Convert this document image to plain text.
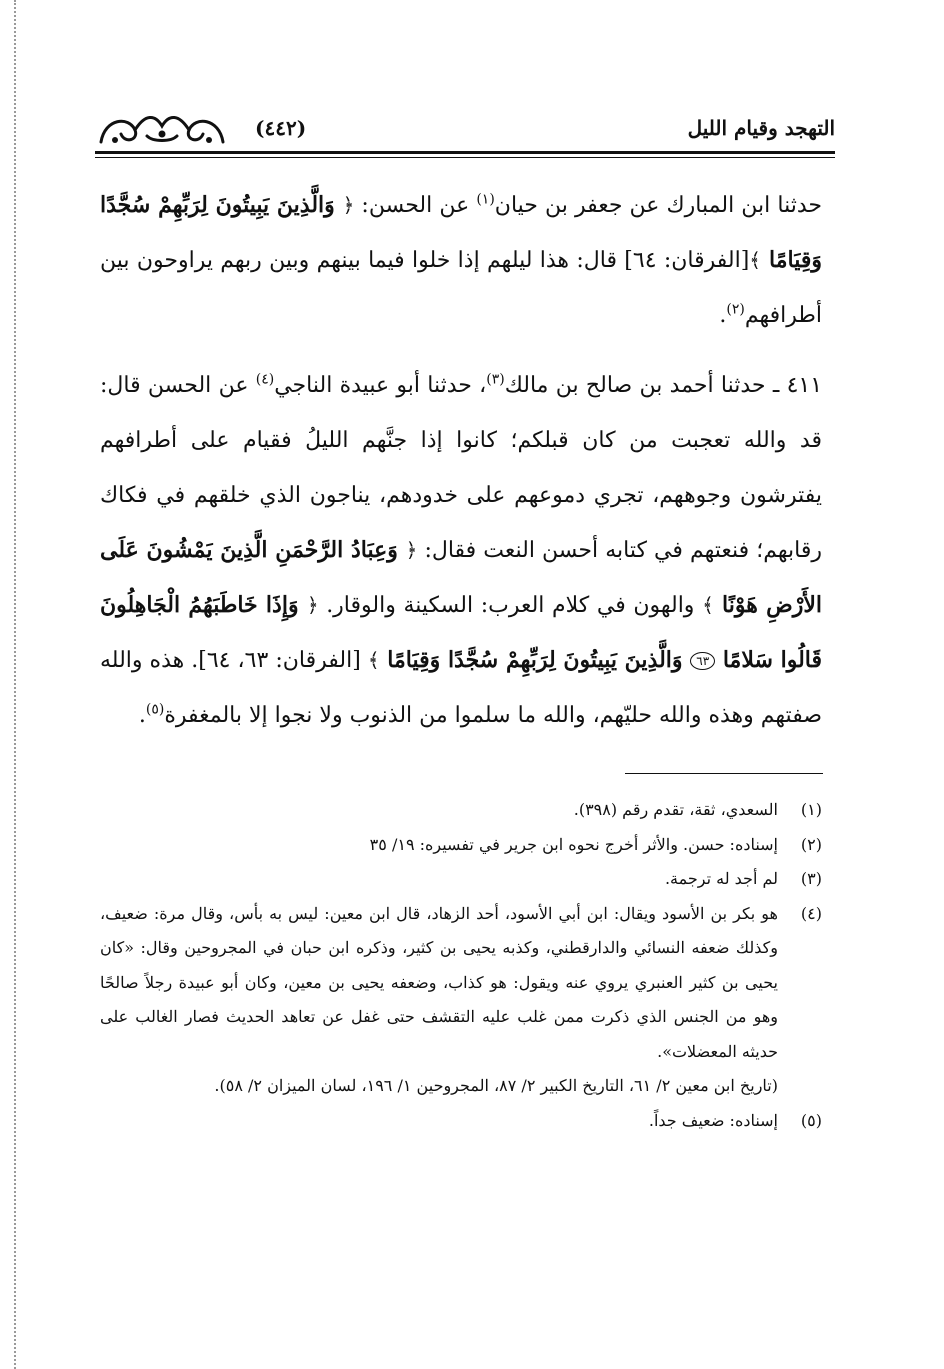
التهجد وقيام الليل
(٤٤٢)

حدثنا ابن المبارك عن جعفر بن حيان$^{(١)}$ عن الحسن: ﴿ وَالَّذِينَ يَبِيتُونَ لِرَبِّهِمْ سُجَّدًا وَقِيَامًا ﴾[الفرقان: ٦٤] قال: هذا ليلهم إذا خلوا فيما بينهم وبين ربهم يراوحون بين أطرافهم$^{(٢)}$.

٤١١ ـ حدثنا أحمد بن صالح بن مالك$^{(٣)}$، حدثنا أبو عبيدة الناجي$^{(٤)}$ عن الحسن قال: قد والله تعجبت من كان قبلكم؛ كانوا إذا جنَّهم الليلُ فقيام على أطرافهم يفترشون وجوههم، تجري دموعهم على خدودهم، يناجون الذي خلقهم في فكاك رقابهم؛ فنعتهم في كتابه أحسن النعت فقال: ﴿ وَعِبَادُ الرَّحْمَنِ الَّذِينَ يَمْشُونَ عَلَى الأَرْضِ هَوْنًا ﴾ والهون في كلام العرب: السكينة والوقار. ﴿ وَإِذَا خَاطَبَهُمُ الْجَاهِلُونَ قَالُوا سَلامًا ٦٣ وَالَّذِينَ يَبِيتُونَ لِرَبِّهِمْ سُجَّدًا وَقِيَامًا ﴾ [الفرقان: ٦٣، ٦٤]. هذه والله صفتهم وهذه والله حليّهم، والله ما سلموا من الذنوب ولا نجوا إلا بالمغفرة$^{(٥)}$.

(١)
السعدي، ثقة، تقدم رقم (٣٩٨).
(٢)
إسناده: حسن. والأثر أخرج نحوه ابن جرير في تفسيره: ١٩/ ٣٥
(٣)
لم أجد له ترجمة.
(٤)
هو بكر بن الأسود ويقال: ابن أبي الأسود، أحد الزهاد، قال ابن معين: ليس به بأس، وقال مرة: ضعيف، وكذلك ضعفه النسائي والدارقطني، وكذبه يحيى بن كثير، وذكره ابن حبان في المجروحين وقال: «كان يحيى بن كثير العنبري يروي عنه ويقول: هو كذاب، وضعفه يحيى بن معين، وكان أبو عبيدة رجلاً صالحًا وهو من الجنس الذي ذكرت ممن غلب عليه التقشف حتى غفل عن تعاهد الحديث فصار الغالب على حديثه المعضلات».
(تاريخ ابن معين ٢/ ٦١، التاريخ الكبير ٢/ ٨٧، المجروحين ١/ ١٩٦، لسان الميزان ٢/ ٥٨).
(٥)
إسناده: ضعيف جداً.
